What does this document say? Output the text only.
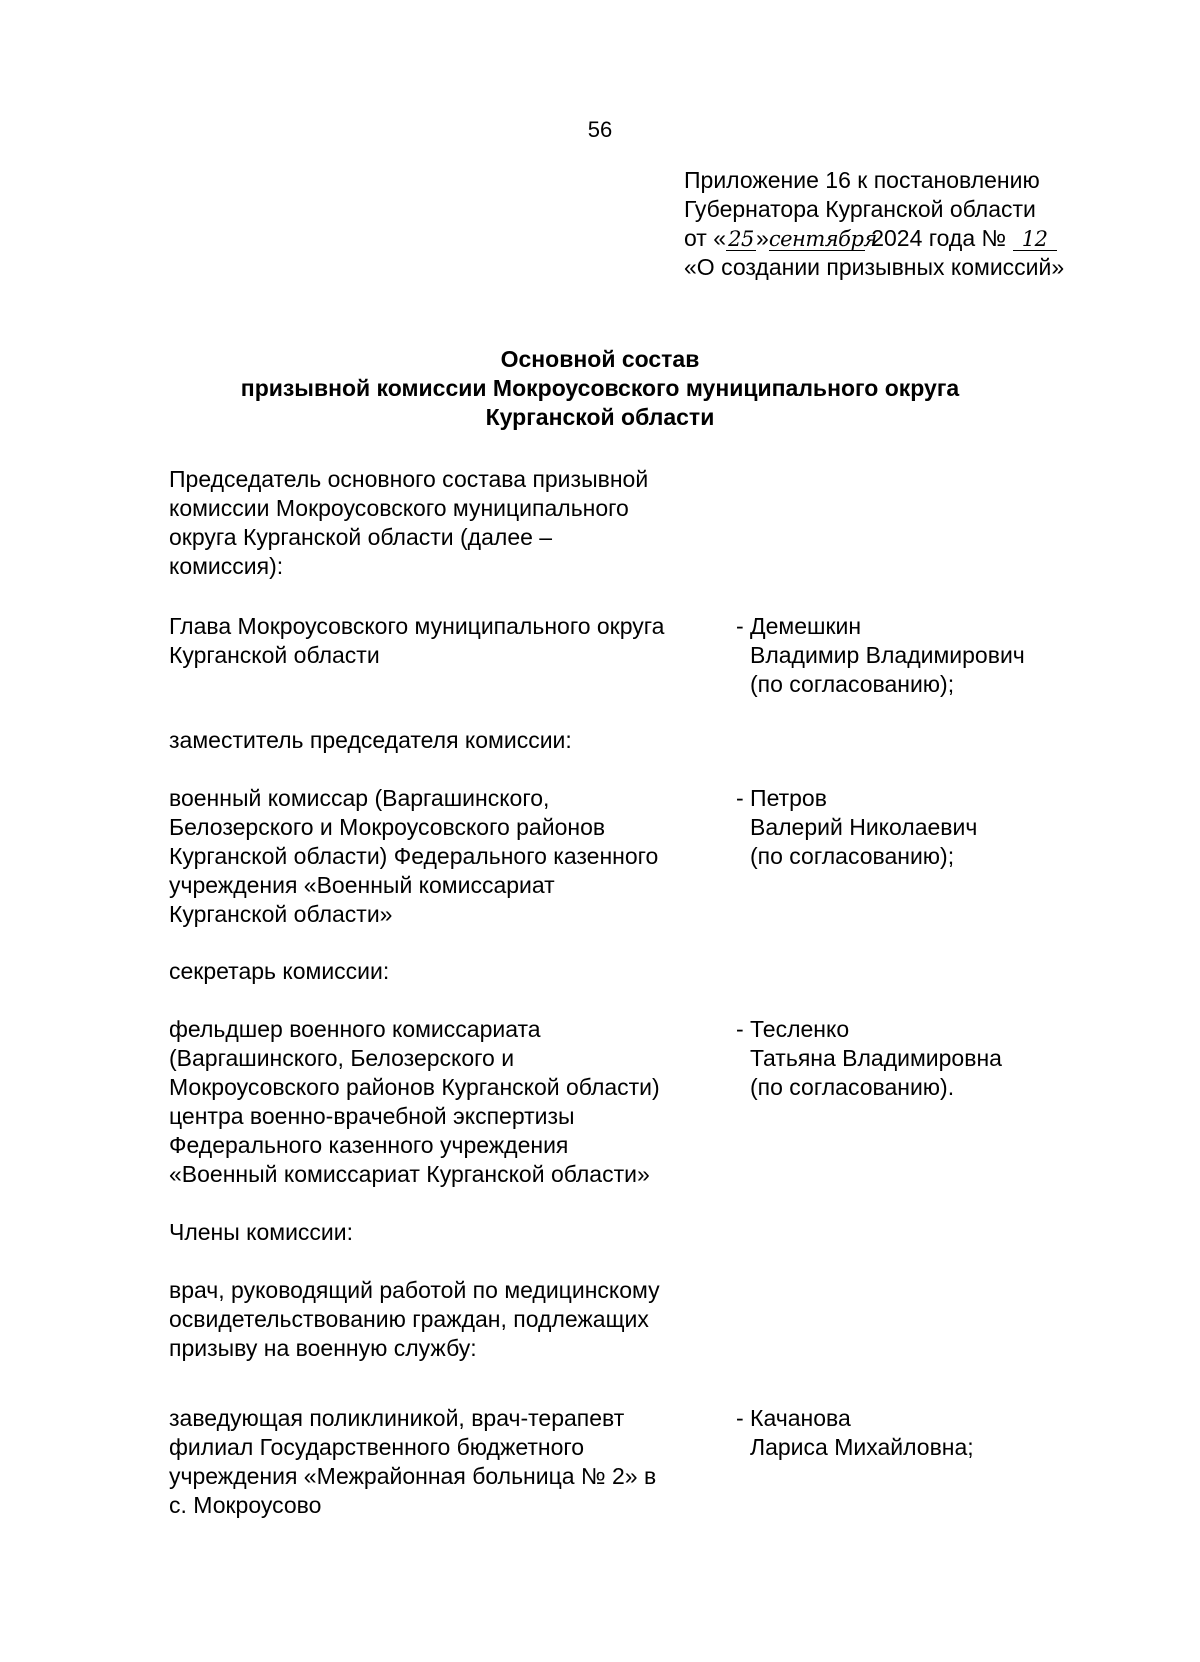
56
Приложение 16 к постановлению
Губернатора Курганской области
от « 25»сентября 2024 года № 12
«О создании призывных комиссий»
Основной состав
призывной комиссии Мокроусовского муниципального округа
Курганской области
Председатель основного состава призывной
комиссии Мокроусовского муниципального
округа Курганской области (далее –
комиссия):
Глава Мокроусовского муниципального округа
Курганской области
- Демешкин
Владимир Владимирович
(по согласованию);
заместитель председателя комиссии:
военный комиссар (Варгашинского,
Белозерского и Мокроусовского районов
Курганской области) Федерального казенного
учреждения «Военный комиссариат
Курганской области»
- Петров
Валерий Николаевич
(по согласованию);
секретарь комиссии:
фельдшер военного комиссариата
(Варгашинского, Белозерского и
Мокроусовского районов Курганской области)
центра военно-врачебной экспертизы
Федерального казенного учреждения
«Военный комиссариат Курганской области»
- Тесленко
Татьяна Владимировна
(по согласованию).
Члены комиссии:
врач, руководящий работой по медицинскому
освидетельствованию граждан, подлежащих
призыву на военную службу:
заведующая поликлиникой, врач-терапевт
филиал Государственного бюджетного
учреждения «Межрайонная больница № 2» в
с. Мокроусово
- Качанова
Лариса Михайловна;
